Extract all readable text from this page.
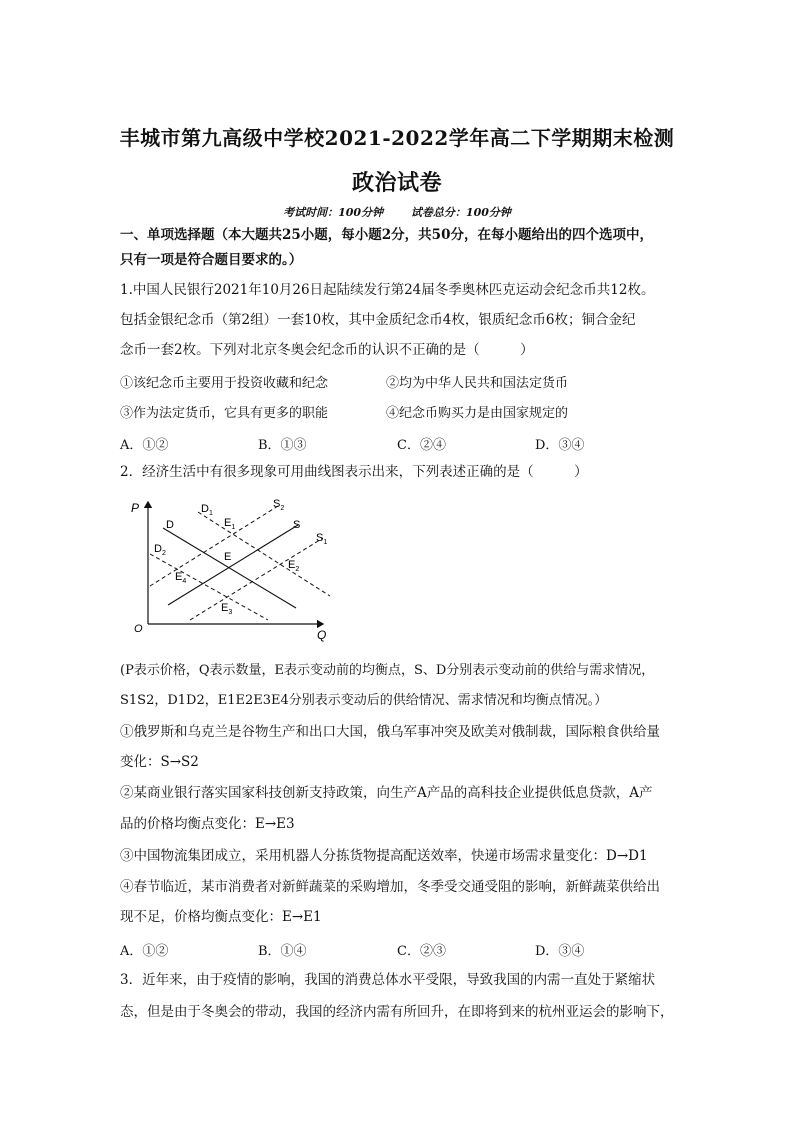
丰城市第九高级中学校2021-2022学年高二下学期期末检测
政治试卷
考试时间：100分钟	试卷总分：100分钟
一、单项选择题（本大题共25小题，每小题2分，共50分，在每小题给出的四个选项中，
只有一项是符合题目要求的。）
1.中国人民银行2021年10月26日起陆续发行第24届冬季奥林匹克运动会纪念币共12枚。
包括金银纪念币（第2组）一套10枚，其中金质纪念币4枚，银质纪念币6枚；铜合金纪
念币一套2枚。下列对北京冬奥会纪念币的认识不正确的是（　　　）
①该纪念币主要用于投资收藏和纪念	②均为中华人民共和国法定货币
③作为法定货币，它具有更多的职能	④纪念币购买力是由国家规定的
A．①②	B．①③	C．②④	D．③④
2．经济生活中有很多现象可用曲线图表示出来，下列表述正确的是（　　　）
P
O	Q
D
$D_1$
$D_2$
S
$S_1$
$S_2$
E
$E_1$
$E_2$
$E_3$
$E_4$
(P表示价格，Q表示数量，E表示变动前的均衡点，S、D分别表示变动前的供给与需求情况，
S1S2，D1D2，E1E2E3E4分别表示变动后的供给情况、需求情况和均衡点情况。）
①俄罗斯和乌克兰是谷物生产和出口大国，俄乌军事冲突及欧美对俄制裁，国际粮食供给量
变化：S→S2
②某商业银行落实国家科技创新支持政策，向生产A产品的高科技企业提供低息贷款，A产
品的价格均衡点变化：E→E3
③中国物流集团成立，采用机器人分拣货物提高配送效率，快递市场需求量变化：D→D1
④春节临近，某市消费者对新鲜蔬菜的采购增加，冬季受交通受阻的影响，新鲜蔬菜供给出
现不足，价格均衡点变化：E→E1
A．①②	B．①④	C．②③	D．③④
3．近年来，由于疫情的影响，我国的消费总体水平受限，导致我国的内需一直处于紧缩状
态，但是由于冬奥会的带动，我国的经济内需有所回升，在即将到来的杭州亚运会的影响下，
